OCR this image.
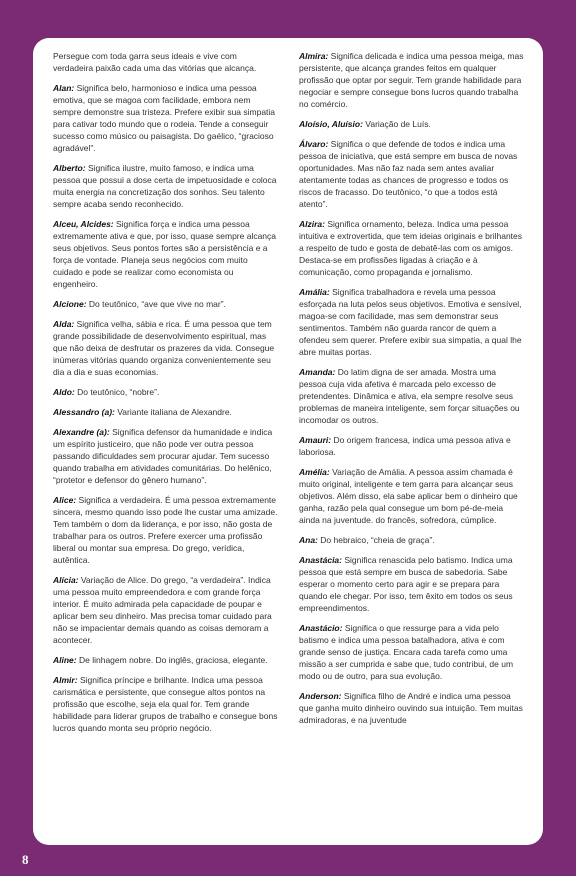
Persegue com toda garra seus ideais e vive com verdadeira paixão cada uma das vitórias que alcança.

Alan: Significa belo, harmonioso e indica uma pessoa emotiva, que se magoa com facilidade, embora nem sempre demonstre sua tristeza. Prefere exibir sua simpatia para cativar todo mundo que o rodeia. Tende a conseguir sucesso como músico ou paisagista. Do gaélico, “gracioso agradável”.

Alberto: Significa ilustre, muito famoso, e indica uma pessoa que possui a dose certa de impetuosidade e coloca muita energia na concretização dos sonhos. Seu talento sempre acaba sendo reconhecido.

Alceu, Alcides: Significa força e indica uma pessoa extremamente ativa e que, por isso, quase sempre alcança seus objetivos. Seus pontos fortes são a persistência e a força de vontade. Planeja seus negócios com muito cuidado e pode se realizar como economista ou engenheiro.

Alcione: Do teutônico, “ave que vive no mar”.

Alda: Significa velha, sábia e rica. É uma pessoa que tem grande possibilidade de desenvolvimento espiritual, mas que não deixa de desfrutar os prazeres da vida. Consegue inúmeras vitórias quando organiza convenientemente seu dia a dia e suas economias.

Aldo: Do teutônico, “nobre”.

Alessandro (a): Variante italiana de Alexandre.

Alexandre (a): Significa defensor da humanidade e indica um espírito justiceiro, que não pode ver outra pessoa passando dificuldades sem procurar ajudar. Tem sucesso quando trabalha em atividades comunitárias. Do helênico, “protetor e defensor do gênero humano”.

Alice: Significa a verdadeira. É uma pessoa extremamente sincera, mesmo quando isso pode lhe custar uma amizade. Tem também o dom da liderança, e por isso, não gosta de trabalhar para os outros. Prefere exercer uma profissão liberal ou montar sua empresa. Do grego, verídica, autêntica.

Alícia: Variação de Alice. Do grego, “a verdadeira”. Indica uma pessoa muito empreendedora e com grande força interior. É muito admirada pela capacidade de poupar e aplicar bem seu dinheiro. Mas precisa tomar cuidado para não se impacientar demais quando as coisas demoram a acontecer.

Aline: De linhagem nobre. Do inglês, graciosa, elegante.

Almir: Significa príncipe e brilhante. Indica uma pessoa carismática e persistente, que consegue altos pontos na profissão que escolhe, seja ela qual for. Tem grande habilidade para liderar grupos de trabalho e consegue bons lucros quando monta seu próprio negócio.

Almira: Significa delicada e indica uma pessoa meiga, mas persistente, que alcança grandes feitos em qualquer profissão que optar por seguir. Tem grande habilidade para negociar e sempre consegue bons lucros quando trabalha no comércio.

Aloísio, Aluísio: Variação de Luís.

Álvaro: Significa o que defende de todos e indica uma pessoa de iniciativa, que está sempre em busca de novas oportunidades. Mas não faz nada sem antes avaliar atentamente todas as chances de progresso e todos os riscos de fracasso. Do teutônico, “o que a todos está atento”.

Alzira: Significa ornamento, beleza. Indica uma pessoa intuitiva e extrovertida, que tem ideias originais e brilhantes a respeito de tudo e gosta de debatê-las com os amigos. Destaca-se em profissões ligadas à criação e à comunicação, como propaganda e jornalismo.

Amália: Significa trabalhadora e revela uma pessoa esforçada na luta pelos seus objetivos. Emotiva e sensível, magoa-se com facilidade, mas sem demonstrar seus sentimentos. Também não guarda rancor de quem a ofendeu sem querer. Prefere exibir sua simpatia, a qual lhe abre muitas portas.

Amanda: Do latim digna de ser amada. Mostra uma pessoa cuja vida afetiva é marcada pelo excesso de pretendentes. Dinâmica e ativa, ela sempre resolve seus problemas de maneira inteligente, sem forçar situações ou incomodar os outros.

Amauri: Do origem francesa, indica uma pessoa ativa e laboriosa.

Amélia: Variação de Amália. A pessoa assim chamada é muito original, inteligente e tem garra para alcançar seus objetivos. Além disso, ela sabe aplicar bem o dinheiro que ganha, razão pela qual consegue um bom pé-de-meia ainda na juventude. do francês, sofredora, cúmplice.

Ana: Do hebraico, “cheia de graça”.

Anastácia: Significa renascida pelo batismo. Indica uma pessoa que está sempre em busca de sabedoria. Sabe esperar o momento certo para agir e se prepara para quando ele chegar. Por isso, tem êxito em todos os seus empreendimentos.

Anastácio: Significa o que ressurge para a vida pelo batismo e indica uma pessoa batalhadora, ativa e com grande senso de justiça. Encara cada tarefa como uma missão a ser cumprida e sabe que, tudo contribui, de um modo ou de outro, para sua evolução.

Anderson: Significa filho de André e indica uma pessoa que ganha muito dinheiro ouvindo sua intuição. Tem muitas admiradoras, e na juventude

8
